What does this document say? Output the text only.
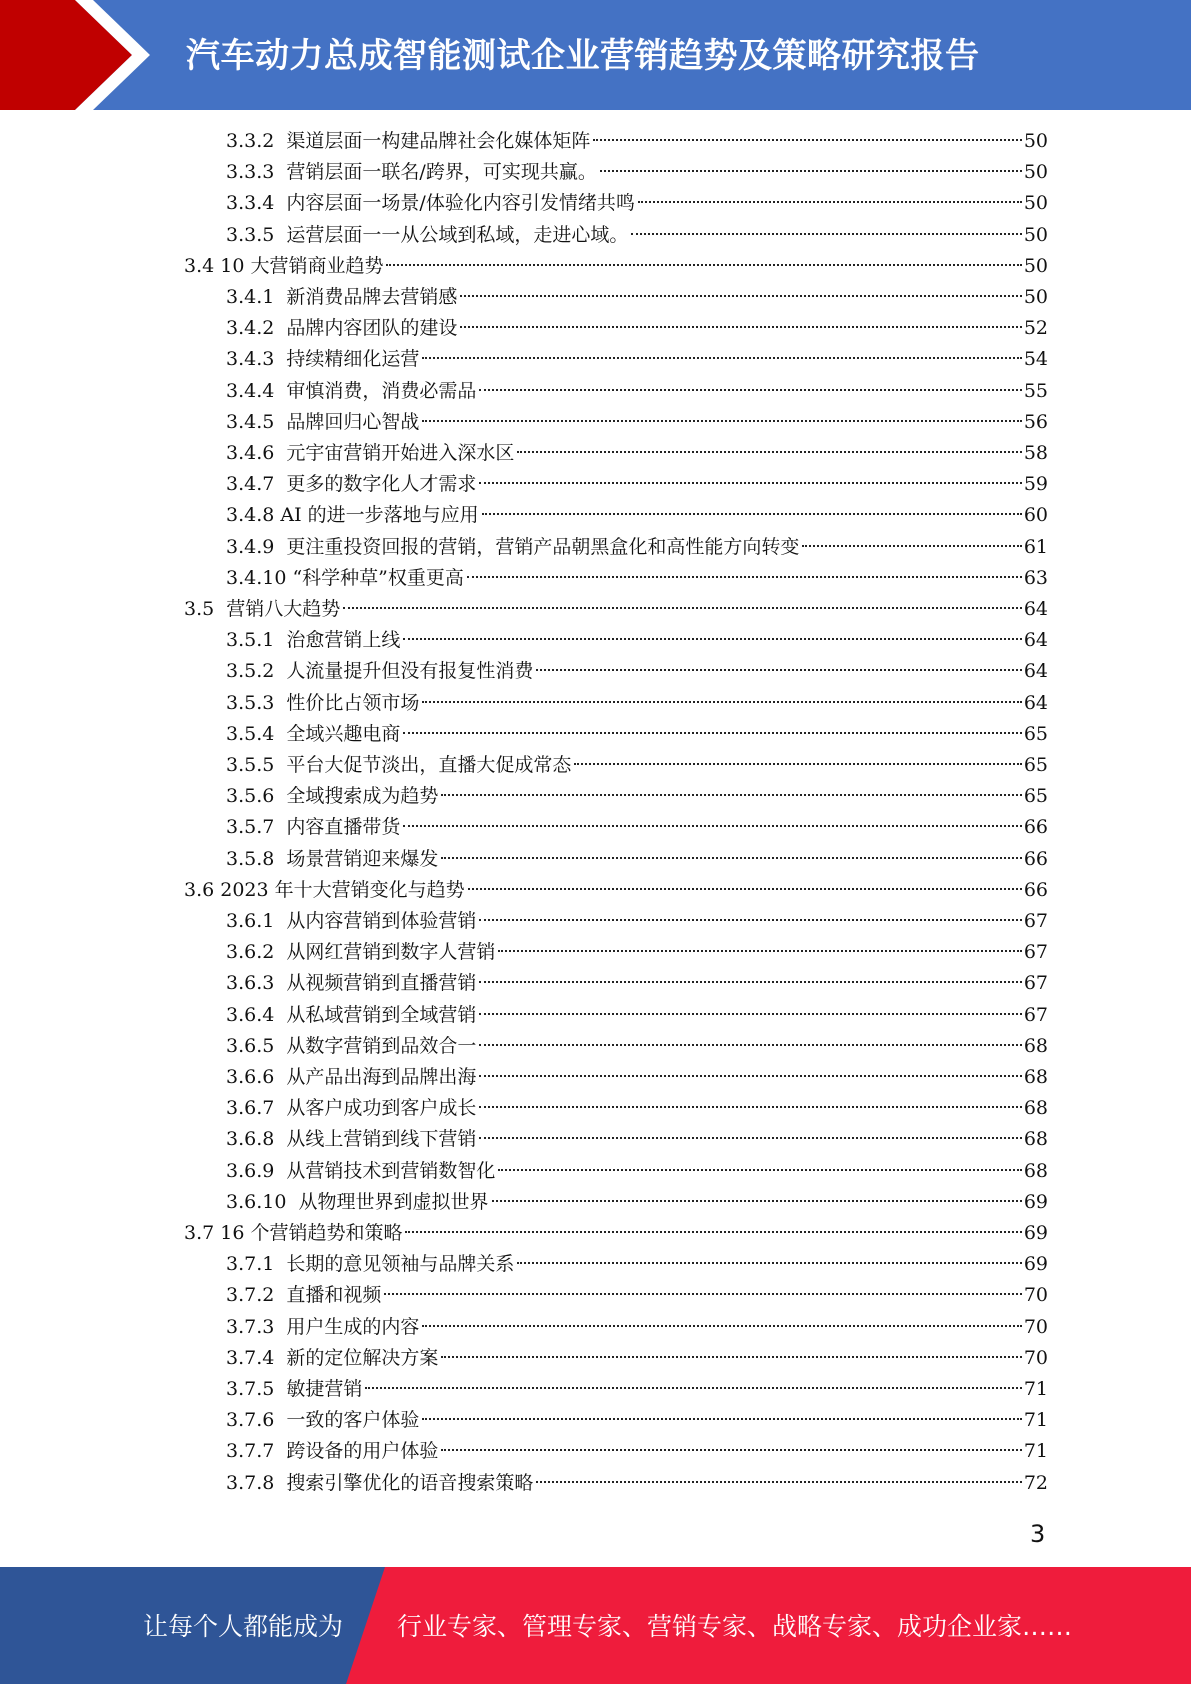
汽车动力总成智能测试企业营销趋势及策略研究报告
3.3.2  渠道层面一构建品牌社会化媒体矩阵	50
3.3.3  营销层面一联名/跨界，可实现共赢。	50
3.3.4  内容层面一场景/体验化内容引发情绪共鸣	50
3.3.5  运营层面一一从公域到私域，走进心域。	50
3.4 10 大营销商业趋势	50
3.4.1  新消费品牌去营销感	50
3.4.2  品牌内容团队的建设	52
3.4.3  持续精细化运营	54
3.4.4  审慎消费，消费必需品	55
3.4.5  品牌回归心智战	56
3.4.6  元宇宙营销开始进入深水区	58
3.4.7  更多的数字化人才需求	59
3.4.8 AI 的进一步落地与应用	60
3.4.9  更注重投资回报的营销，营销产品朝黑盒化和高性能方向转变	61
3.4.10 “科学种草”权重更高	63
3.5  营销八大趋势	64
3.5.1  治愈营销上线	64
3.5.2  人流量提升但没有报复性消费	64
3.5.3  性价比占领市场	64
3.5.4  全域兴趣电商	65
3.5.5  平台大促节淡出，直播大促成常态	65
3.5.6  全域搜索成为趋势	65
3.5.7  内容直播带货	66
3.5.8  场景营销迎来爆发	66
3.6 2023 年十大营销变化与趋势	66
3.6.1  从内容营销到体验营销	67
3.6.2  从网红营销到数字人营销	67
3.6.3  从视频营销到直播营销	67
3.6.4  从私域营销到全域营销	67
3.6.5  从数字营销到品效合一	68
3.6.6  从产品出海到品牌出海	68
3.6.7  从客户成功到客户成长	68
3.6.8  从线上营销到线下营销	68
3.6.9  从营销技术到营销数智化	68
3.6.10  从物理世界到虚拟世界	69
3.7 16 个营销趋势和策略	69
3.7.1  长期的意见领袖与品牌关系	69
3.7.2  直播和视频	70
3.7.3  用户生成的内容	70
3.7.4  新的定位解决方案	70
3.7.5  敏捷营销	71
3.7.6  一致的客户体验	71
3.7.7  跨设备的用户体验	71
3.7.8  搜索引擎优化的语音搜索策略	72
3
让每个人都能成为 行业专家、管理专家、营销专家、战略专家、成功企业家……
